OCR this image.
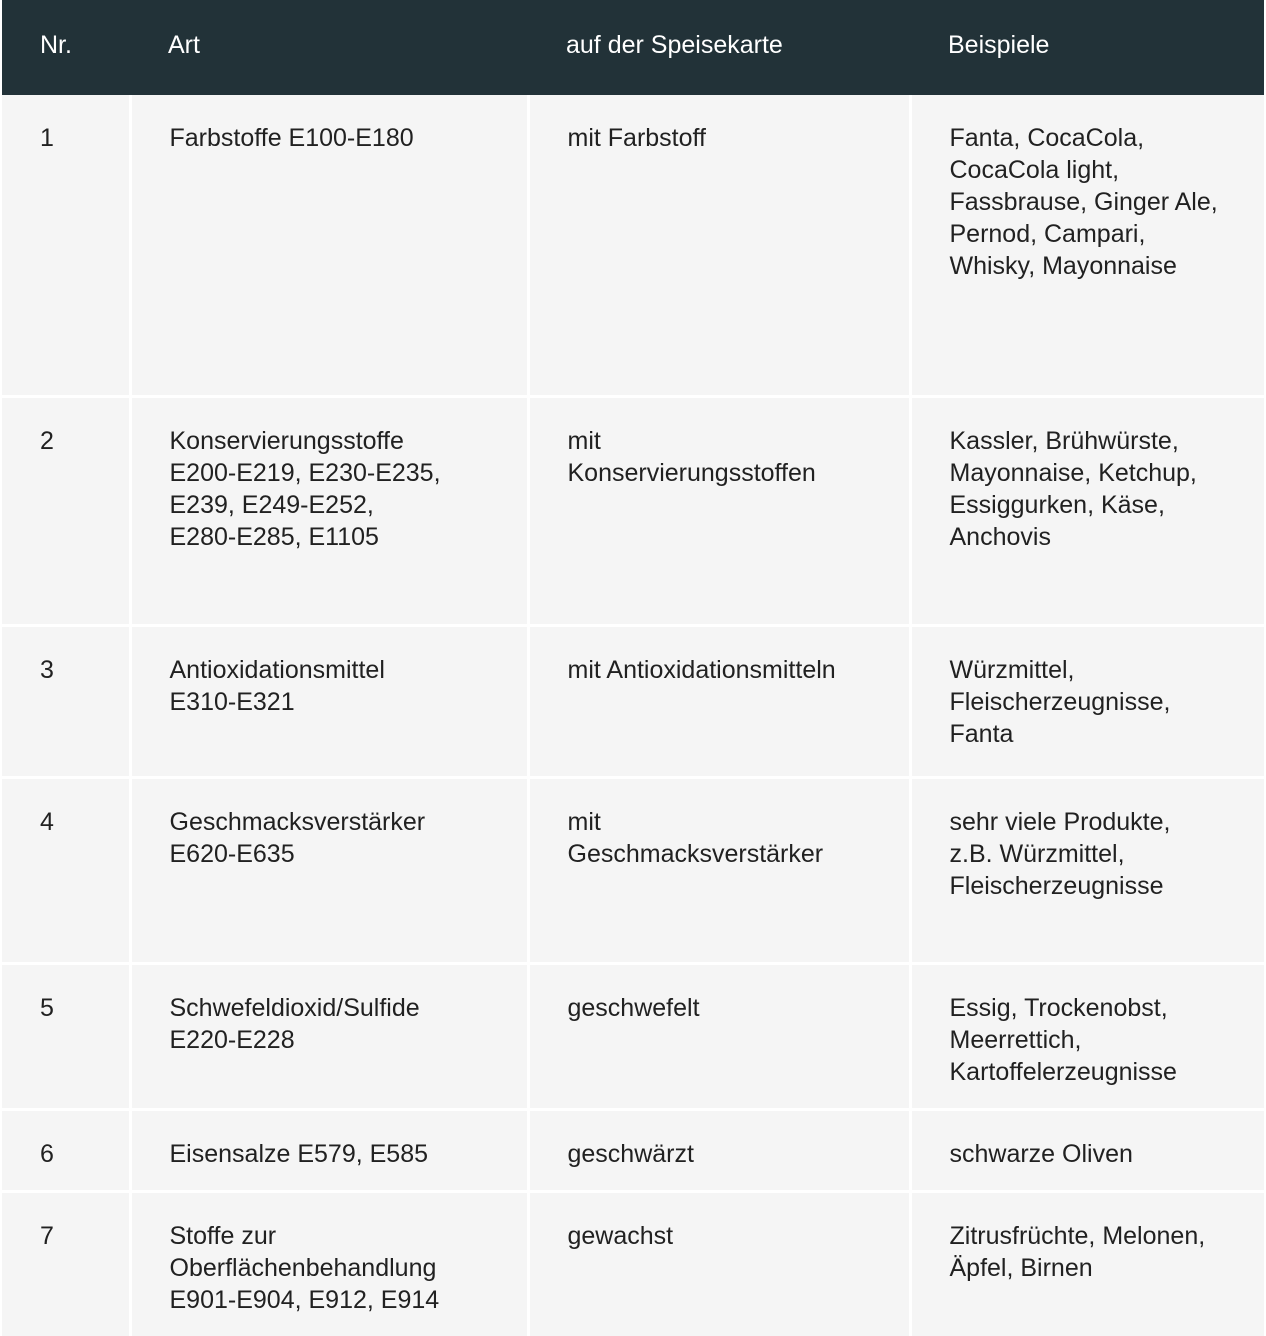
Nr.	Art	auf der Speisekarte	Beispiele

1	Farbstoffe E100-E180	mit Farbstoff	Fanta, CocaCola,
CocaCola light,
Fassbrause, Ginger Ale,
Pernod, Campari,
Whisky, Mayonnaise

2	Konservierungsstoffe
E200-E219, E230-E235,
E239, E249-E252,
E280-E285, E1105	mit
Konservierungsstoffen	Kassler, Brühwürste,
Mayonnaise, Ketchup,
Essiggurken, Käse,
Anchovis

3	Antioxidationsmittel
E310-E321	mit Antioxidationsmitteln	Würzmittel,
Fleischerzeugnisse,
Fanta

4	Geschmacksverstärker
E620-E635	mit
Geschmacksverstärker	sehr viele Produkte,
z.B. Würzmittel,
Fleischerzeugnisse

5	Schwefeldioxid/Sulfide
E220-E228	geschwefelt	Essig, Trockenobst,
Meerrettich,
Kartoffelerzeugnisse

6	Eisensalze E579, E585	geschwärzt	schwarze Oliven

7	Stoffe zur
Oberflächenbehandlung
E901-E904, E912, E914	gewachst	Zitrusfrüchte, Melonen,
Äpfel, Birnen
